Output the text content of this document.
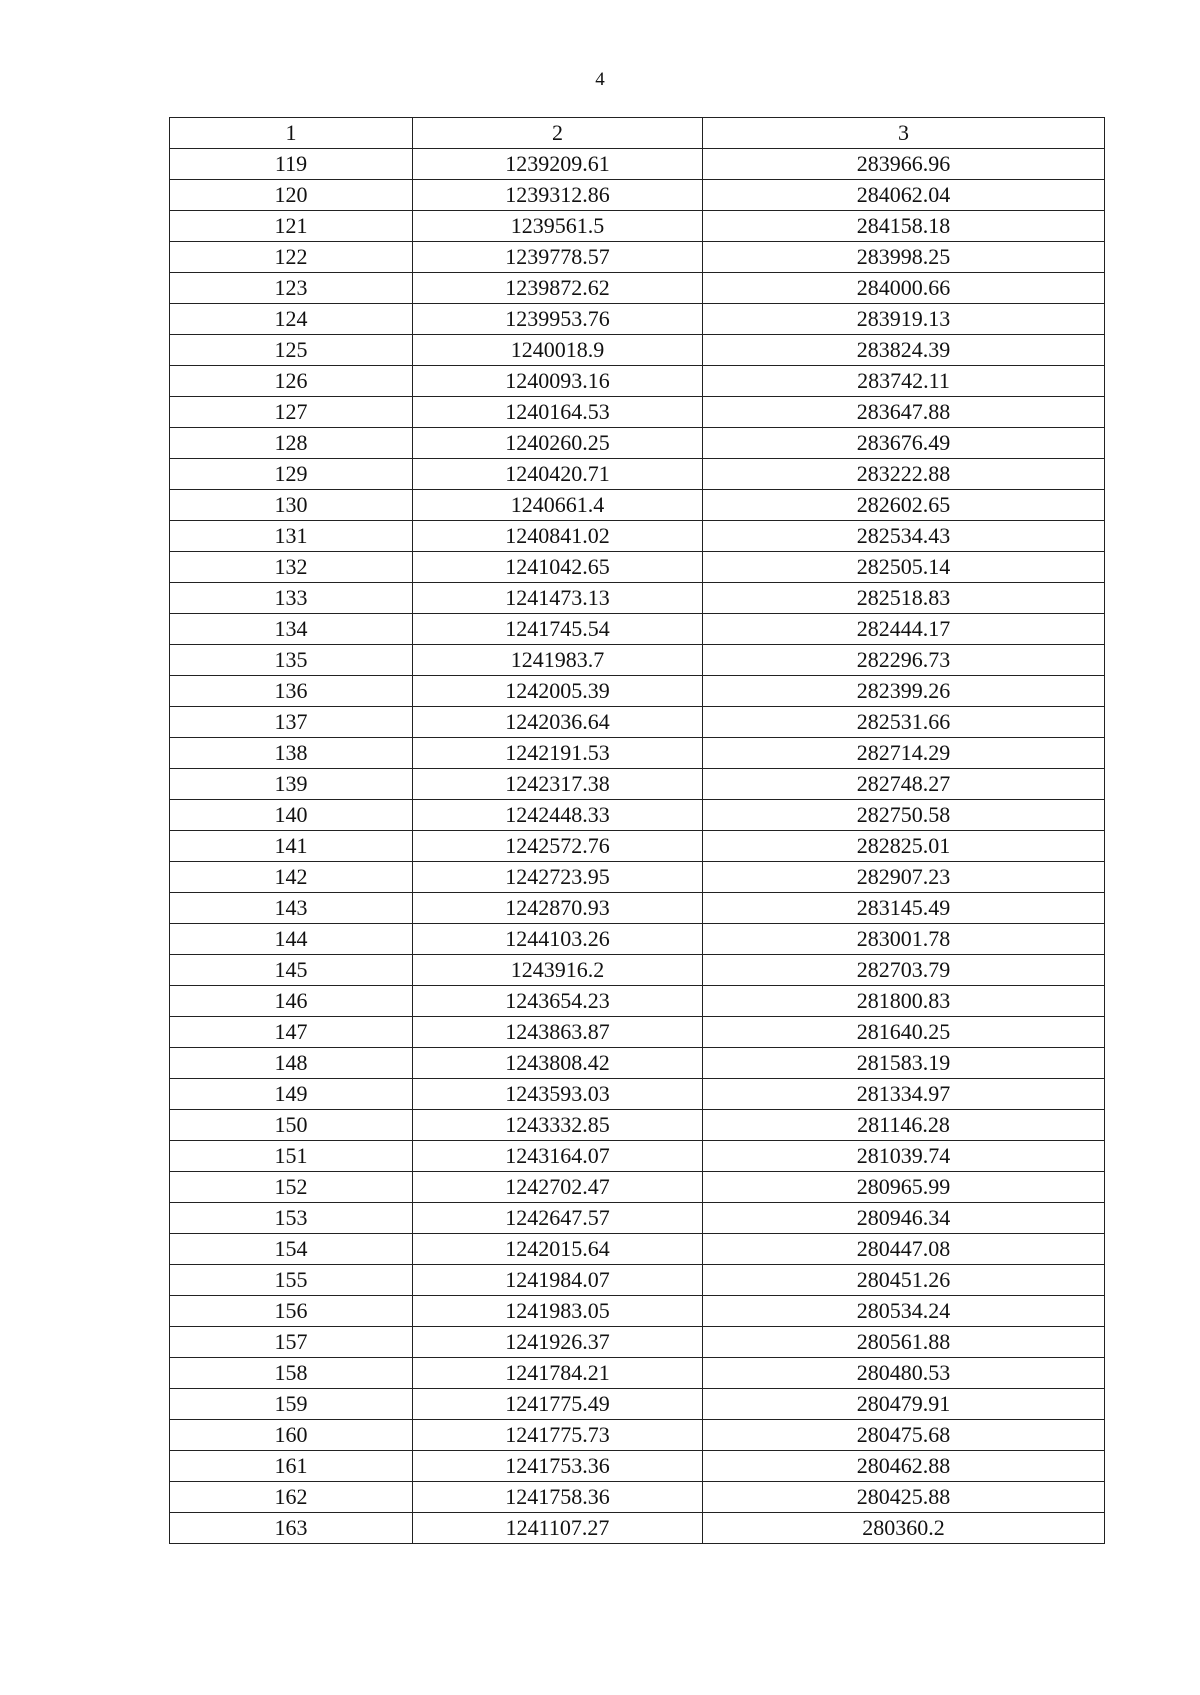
4
1	2	3
119	1239209.61	283966.96
120	1239312.86	284062.04
121	1239561.5	284158.18
122	1239778.57	283998.25
123	1239872.62	284000.66
124	1239953.76	283919.13
125	1240018.9	283824.39
126	1240093.16	283742.11
127	1240164.53	283647.88
128	1240260.25	283676.49
129	1240420.71	283222.88
130	1240661.4	282602.65
131	1240841.02	282534.43
132	1241042.65	282505.14
133	1241473.13	282518.83
134	1241745.54	282444.17
135	1241983.7	282296.73
136	1242005.39	282399.26
137	1242036.64	282531.66
138	1242191.53	282714.29
139	1242317.38	282748.27
140	1242448.33	282750.58
141	1242572.76	282825.01
142	1242723.95	282907.23
143	1242870.93	283145.49
144	1244103.26	283001.78
145	1243916.2	282703.79
146	1243654.23	281800.83
147	1243863.87	281640.25
148	1243808.42	281583.19
149	1243593.03	281334.97
150	1243332.85	281146.28
151	1243164.07	281039.74
152	1242702.47	280965.99
153	1242647.57	280946.34
154	1242015.64	280447.08
155	1241984.07	280451.26
156	1241983.05	280534.24
157	1241926.37	280561.88
158	1241784.21	280480.53
159	1241775.49	280479.91
160	1241775.73	280475.68
161	1241753.36	280462.88
162	1241758.36	280425.88
163	1241107.27	280360.2
